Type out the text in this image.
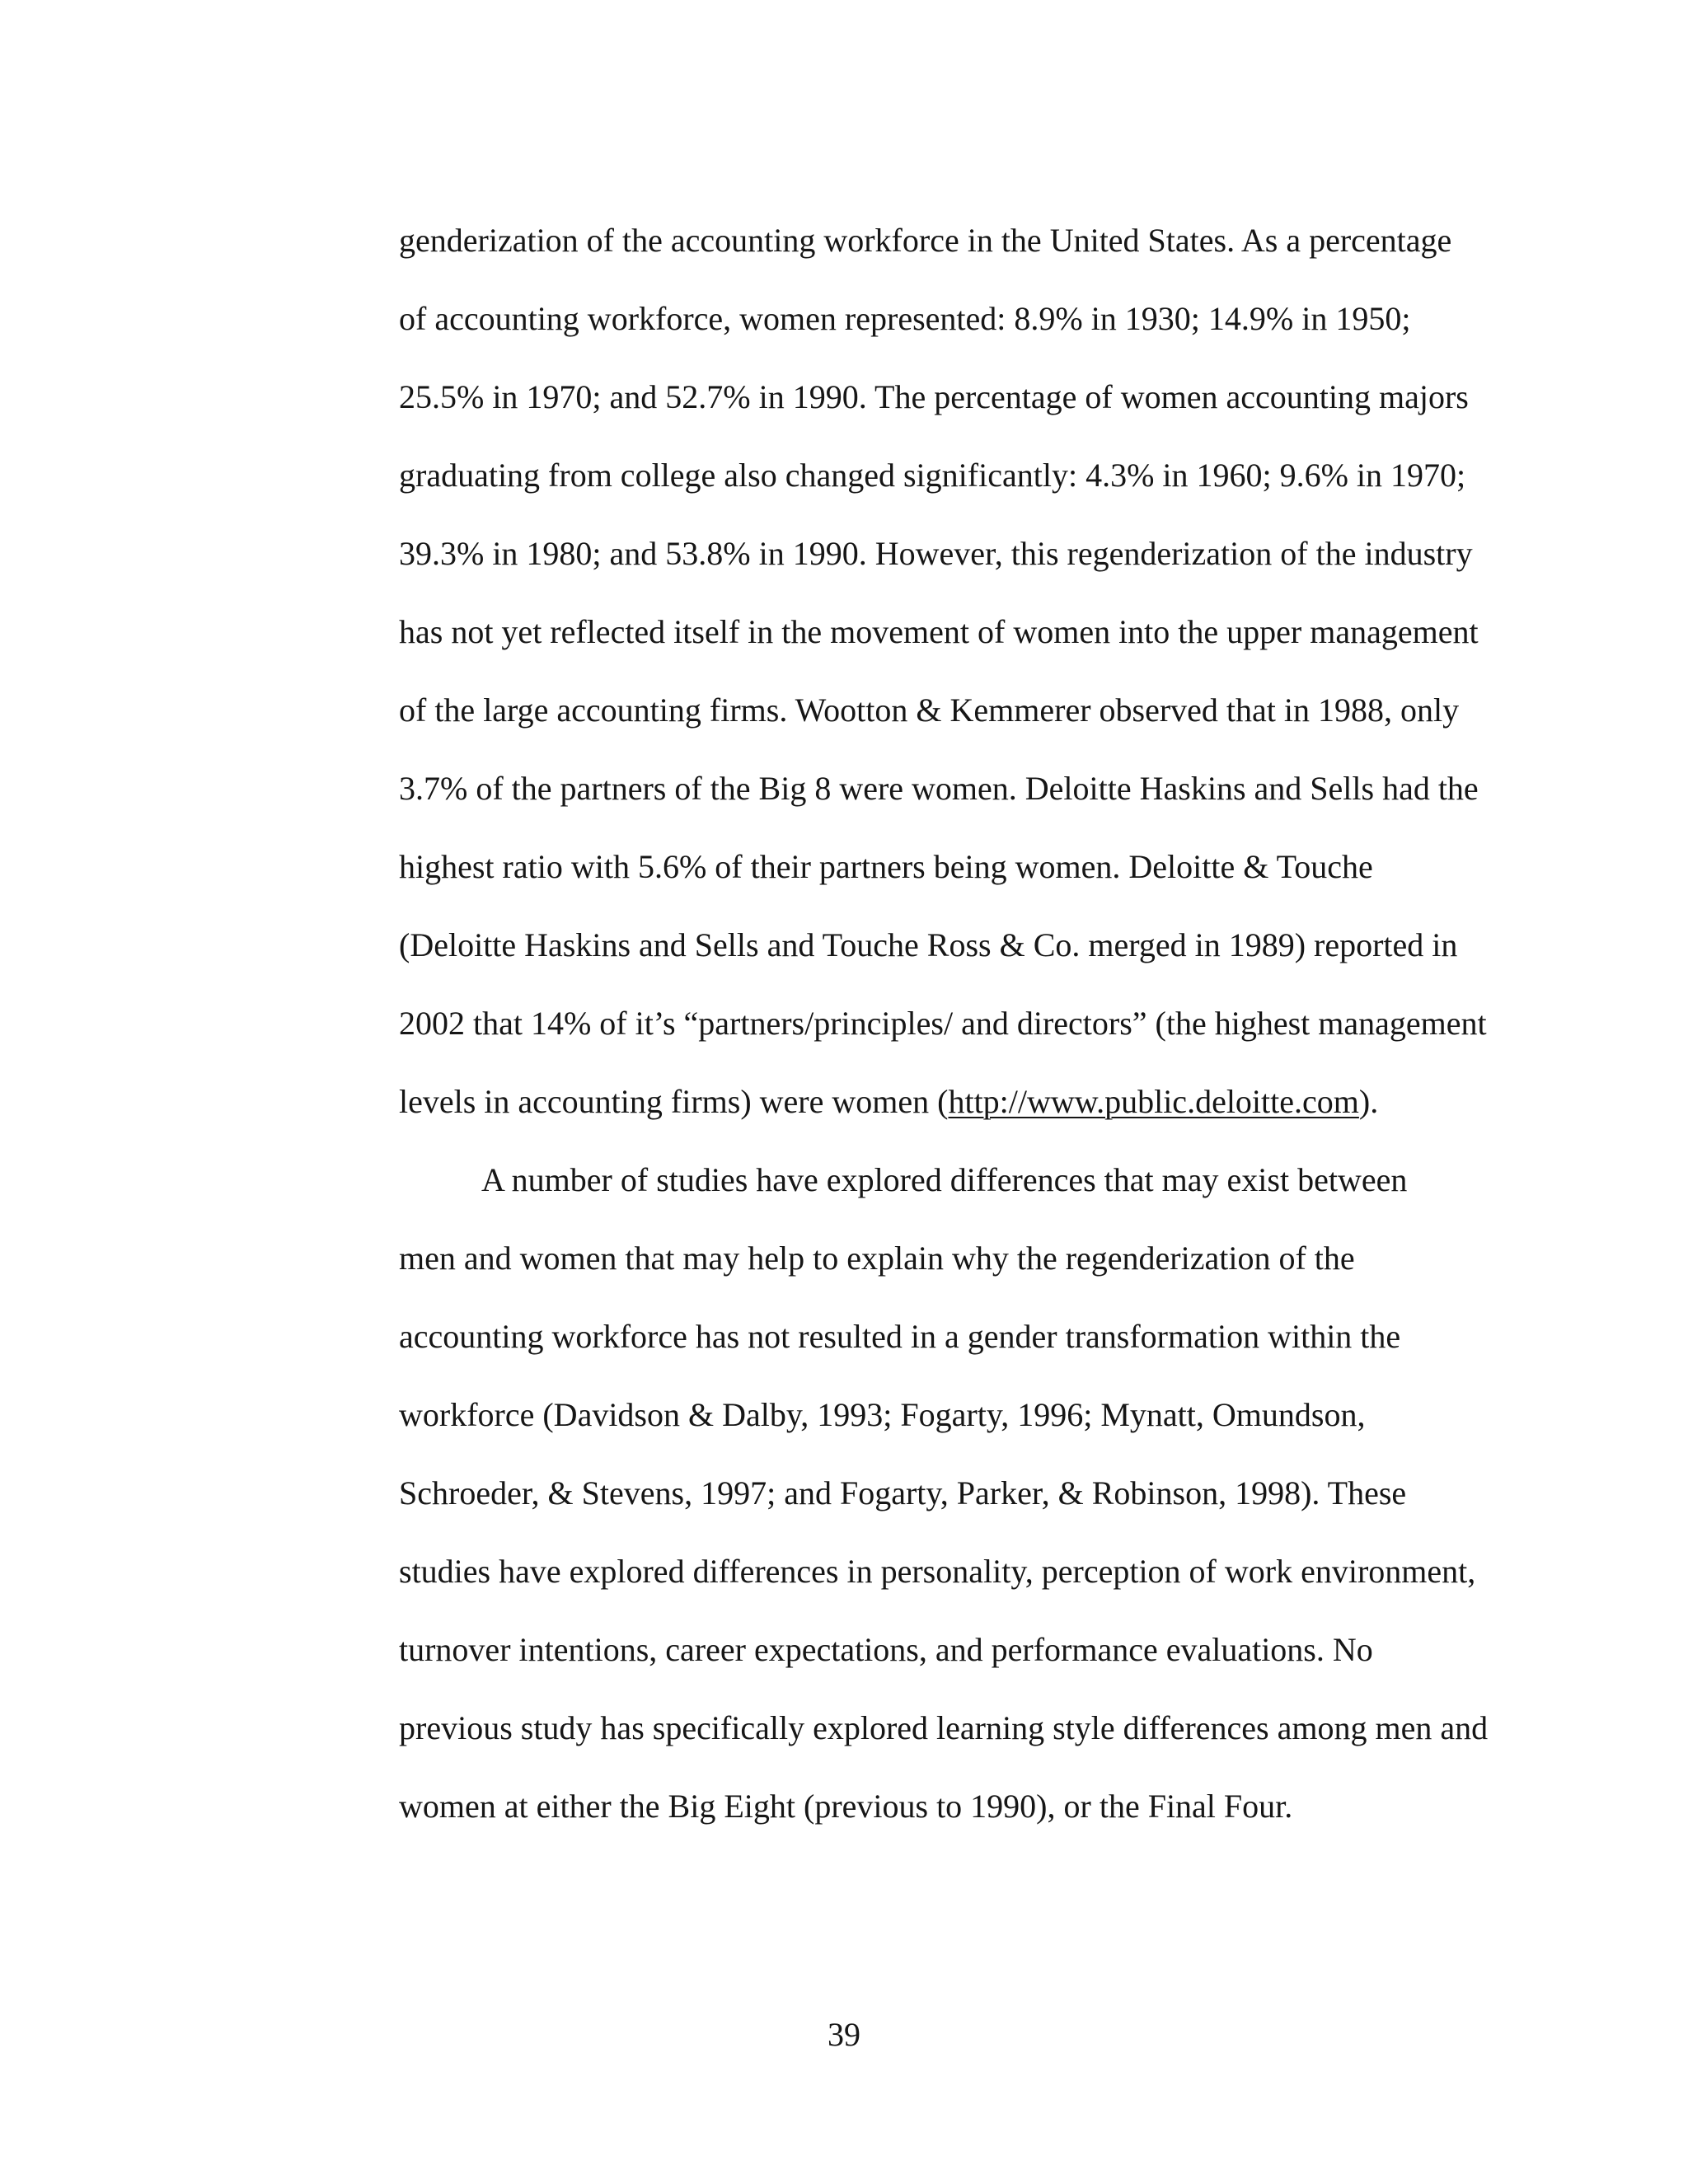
genderization of the accounting workforce in the United States. As a percentage
of accounting workforce, women represented: 8.9% in 1930; 14.9% in 1950;
25.5% in 1970; and 52.7% in 1990. The percentage of women accounting majors
graduating from college also changed significantly: 4.3% in 1960; 9.6% in 1970;
39.3% in 1980; and 53.8% in 1990. However, this regenderization of the industry
has not yet reflected itself in the movement of women into the upper management
of the large accounting firms. Wootton & Kemmerer observed that in 1988, only
3.7% of the partners of the Big 8 were women. Deloitte Haskins and Sells had the
highest ratio with 5.6% of their partners being women. Deloitte & Touche
(Deloitte Haskins and Sells and Touche Ross & Co. merged in 1989) reported in
2002 that 14% of it’s “partners/principles/ and directors” (the highest management
levels in accounting firms) were women (http://www.public.deloitte.com).
A number of studies have explored differences that may exist between
men and women that may help to explain why the regenderization of the
accounting workforce has not resulted in a gender transformation within the
workforce (Davidson & Dalby, 1993; Fogarty, 1996; Mynatt, Omundson,
Schroeder, & Stevens, 1997; and Fogarty, Parker, & Robinson, 1998). These
studies have explored differences in personality, perception of work environment,
turnover intentions, career expectations, and performance evaluations. No
previous study has specifically explored learning style differences among men and
women at either the Big Eight (previous to 1990), or the Final Four.
39
